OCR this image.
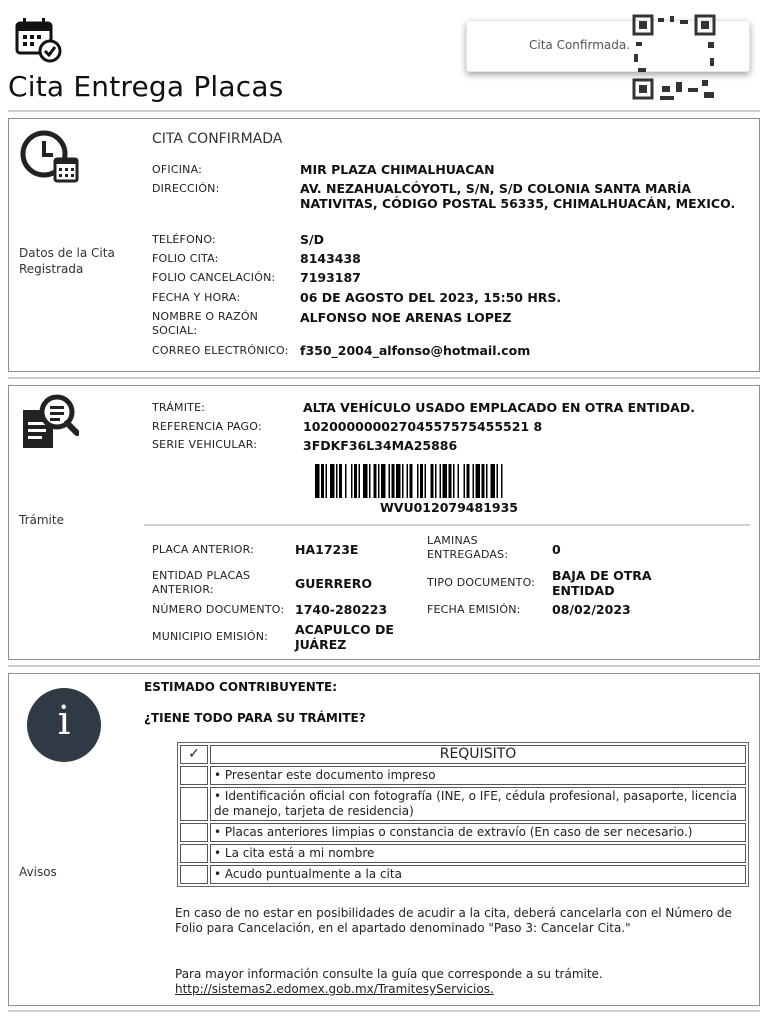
Cita Entrega Placas
Cita Confirmada.
Datos de la Cita Registrada
CITA CONFIRMADA
OFICINA:	MIR PLAZA CHIMALHUACAN
DIRECCIÓN:	AV. NEZAHUALCÓYOTL, S/N, S/D COLONIA SANTA MARÍA NATIVITAS, CÓDIGO POSTAL 56335, CHIMALHUACÁN, MEXICO.
TELÉFONO:	S/D
FOLIO CITA:	8143438
FOLIO CANCELACIÓN: 7193187
FECHA Y HORA:	06 DE AGOSTO DEL 2023, 15:50 HRS.
NOMBRE O RAZÓN SOCIAL:
ALFONSO NOE ARENAS LOPEZ
CORREO ELECTRÓNICO: f350_2004_alfonso@hotmail.com
Trámite
TRÁMITE:	ALTA VEHÍCULO USADO EMPLACADO EN OTRA ENTIDAD.
REFERENCIA PAGO:	10200000002704557575455521 8
SERIE VEHICULAR:	3FDKF36L34MA25886
WVU012079481935
PLACA ANTERIOR:	HA1723E
LAMINAS ENTREGADAS:	0
ENTIDAD PLACAS ANTERIOR:	GUERRERO	TIPO DOCUMENTO: BAJA DE OTRA ENTIDAD
NÚMERO DOCUMENTO: 1740-280223	FECHA EMISIÓN:	08/02/2023
MUNICIPIO EMISIÓN: ACAPULCO DE JUÁREZ
i
Avisos
ESTIMADO CONTRIBUYENTE:
¿TIENE TODO PARA SU TRÁMITE?
✓	REQUISITO
	• Presentar este documento impreso
	• Identificación oficial con fotografía (INE, o IFE, cédula profesional, pasaporte, licencia de manejo, tarjeta de residencia)
	• Placas anteriores limpias o constancia de extravío (En caso de ser necesario.)
	• La cita está a mi nombre
	• Acudo puntualmente a la cita
En caso de no estar en posibilidades de acudir a la cita, deberá cancelarla con el Número de Folio para Cancelación, en el apartado denominado "Paso 3: Cancelar Cita."
Para mayor información consulte la guía que corresponde a su trámite.
http://sistemas2.edomex.gob.mx/TramitesyServicios.
